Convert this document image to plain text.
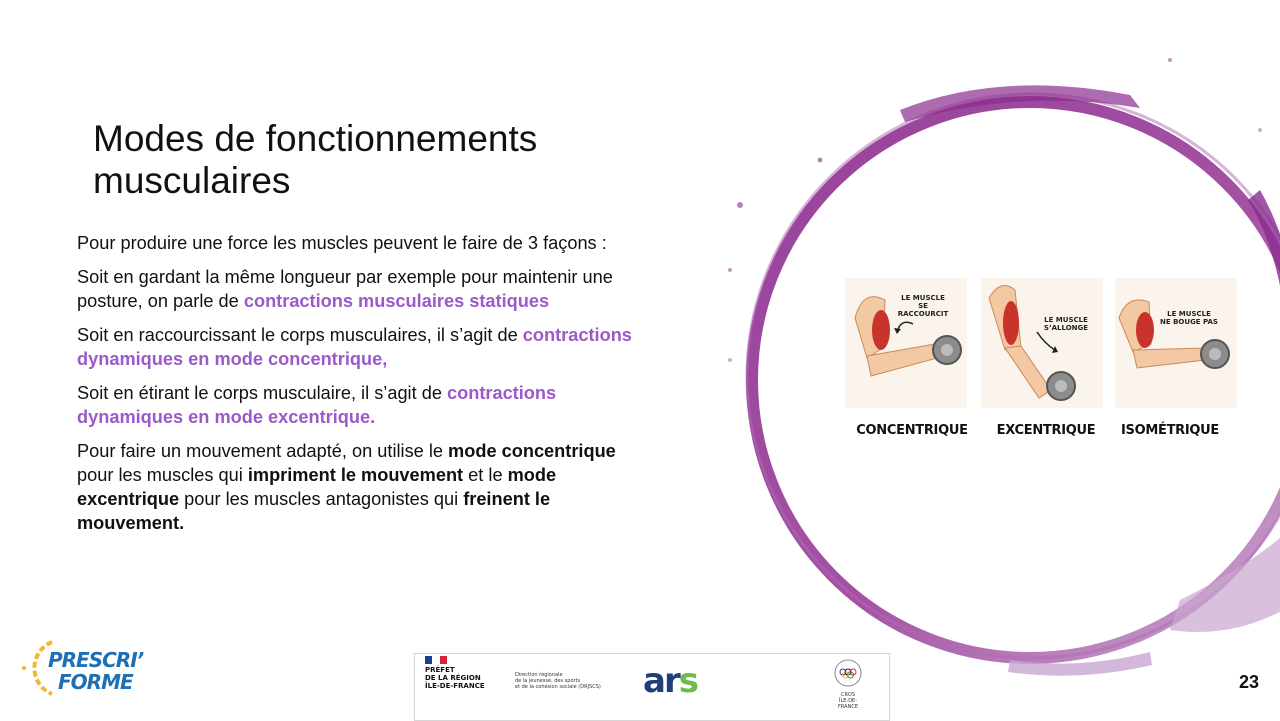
Modes de fonctionnements
musculaires

Pour produire une force les muscles peuvent le faire de 3 façons :

Soit en gardant la même longueur par exemple pour maintenir une posture, on parle de contractions musculaires statiques

Soit en raccourcissant le corps musculaires, il s’agit de contractions dynamiques en mode concentrique,

Soit en étirant le corps musculaire, il s’agit de contractions dynamiques en mode excentrique.

Pour faire un mouvement adapté, on utilise le mode concentrique pour les muscles qui impriment le mouvement et le mode excentrique pour les muscles antagonistes qui freinent le mouvement.

LE MUSCLE
SE RACCOURCIT
CONCENTRIQUE
LE MUSCLE
S’ALLONGE
EXCENTRIQUE
LE MUSCLE
NE BOUGE PAS
ISOMÉTRIQUE
PRESCRI’
FORME	PRÉFET
DE LA RÉGION
ÎLE-DE-FRANCE
Direction régionale
de la jeunesse, des sports
et de la cohésion sociale (DRJSCS) ars	CROS
ÎLE-DE-
FRANCE
23
